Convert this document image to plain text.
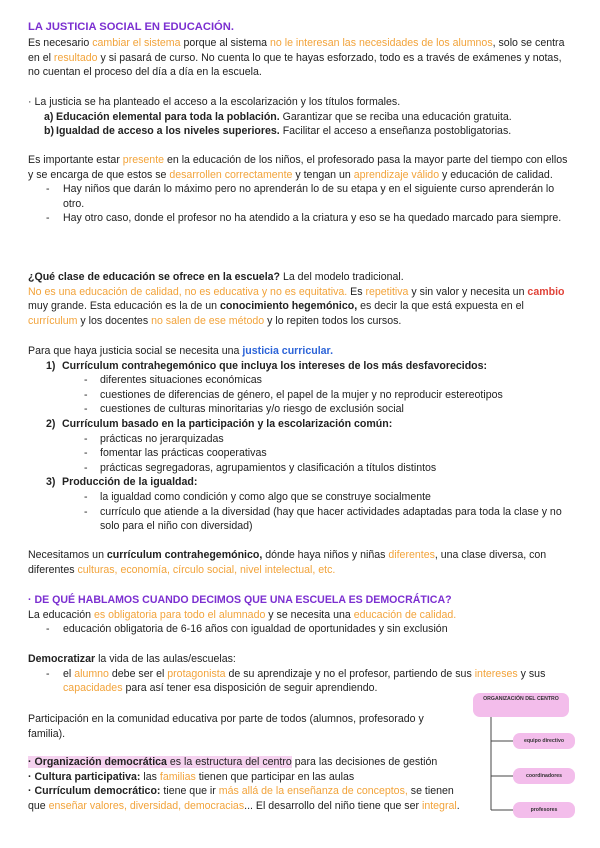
LA JUSTICIA SOCIAL EN EDUCACIÓN.

Es necesario cambiar el sistema porque al sistema no le interesan las necesidades de los alumnos, solo se centra en el resultado y si pasará de curso. No cuenta lo que te hayas esforzado, todo es a través de exámenes y notas, no cuentan el proceso del día a día en la escuela.

· La justicia se ha planteado el acceso a la escolarización y los títulos formales.

a) Educación elemental para toda la población. Garantizar que se reciba una educación gratuita.
b) Igualdad de acceso a los niveles superiores. Facilitar el acceso a enseñanza postobligatorias.

Es importante estar presente en la educación de los niños, el profesorado pasa la mayor parte del tiempo con ellos y se encarga de que estos se desarrollen correctamente y tengan un aprendizaje válido y educación de calidad.

- Hay niños que darán lo máximo pero no aprenderán lo de su etapa y en el siguiente curso aprenderán lo otro.
- Hay otro caso, donde el profesor no ha atendido a la criatura y eso se ha quedado marcado para siempre.

¿Qué clase de educación se ofrece en la escuela? La del modelo tradicional.
No es una educación de calidad, no es educativa y no es equitativa. Es repetitiva y sin valor y necesita un cambio muy grande. Esta educación es la de un conocimiento hegemónico, es decir la que está expuesta en el currículum y los docentes no salen de ese método y lo repiten todos los cursos.

Para que haya justicia social se necesita una justicia curricular.

1) Currículum contrahegemónico que incluya los intereses de los más desfavorecidos:
- diferentes situaciones económicas
- cuestiones de diferencias de género, el papel de la mujer y no reproducir estereotipos
- cuestiones de culturas minoritarias y/o riesgo de exclusión social
2) Currículum basado en la participación y la escolarización común:
- prácticas no jerarquizadas
- fomentar las prácticas cooperativas
- prácticas segregadoras, agrupamientos y clasificación a títulos distintos
3) Producción de la igualdad:
- la igualdad como condición y como algo que se construye socialmente
- currículo que atiende a la diversidad (hay que hacer actividades adaptadas para toda la clase y no solo para el niño con diversidad)

Necesitamos un currículum contrahegemónico, dónde haya niños y niñas diferentes, una clase diversa, con diferentes culturas, economía, círculo social, nivel intelectual, etc.

· DE QUÉ HABLAMOS CUANDO DECIMOS QUE UNA ESCUELA ES DEMOCRÁTICA?

La educación es obligatoria para todo el alumnado y se necesita una educación de calidad.

- educación obligatoria de 6-16 años con igualdad de oportunidades y sin exclusión

Democratizar la vida de las aulas/escuelas:

- el alumno debe ser el protagonista de su aprendizaje y no el profesor, partiendo de sus intereses y sus capacidades para así tener esa disposición de seguir aprendiendo.

Participación en la comunidad educativa por parte de todos (alumnos, profesorado y familia).

· Organización democrática es la estructura del centro para las decisiones de gestión

· Cultura participativa: las familias tienen que participar en las aulas

· Currículum democrático: tiene que ir más allá de la enseñanza de conceptos, se tienen que enseñar valores, diversidad, democracias... El desarrollo del niño tiene que ser integral.

ORGANIZACIÓN DEL CENTRO
equipo directivo
coordinadores
profesores
